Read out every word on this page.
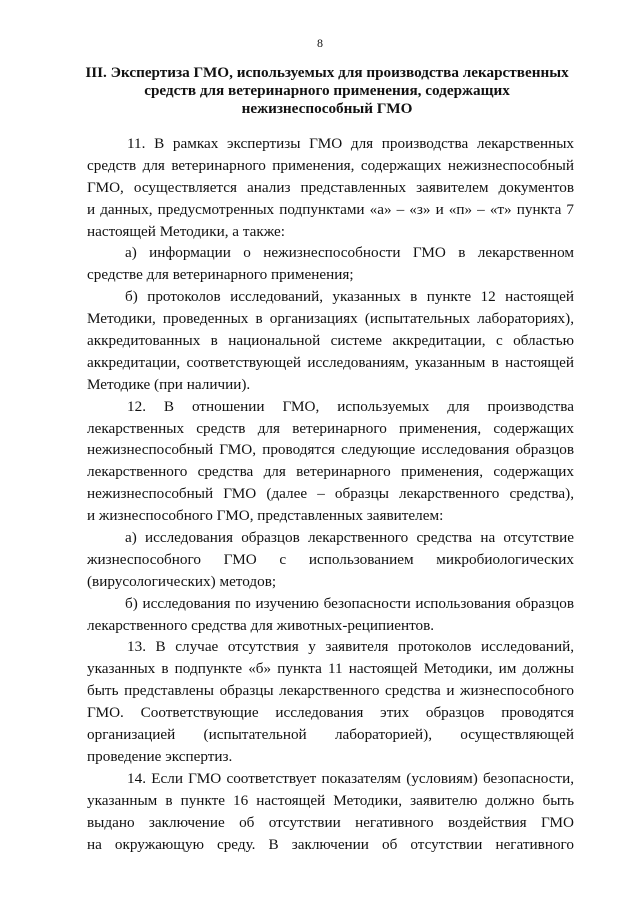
8
III. Экспертиза ГМО, используемых для производства лекарственных
средств для ветеринарного применения, содержащих
нежизнеспособный ГМО
11. В рамках экспертизы ГМО для производства лекарственных
средств для ветеринарного применения, содержащих нежизнеспособный
ГМО, осуществляется анализ представленных заявителем документов
и данных, предусмотренных подпунктами «а» – «з» и «п» – «т» пункта 7
настоящей Методики, а также:
а) информации о нежизнеспособности ГМО в лекарственном
средстве для ветеринарного применения;
б) протоколов исследований, указанных в пункте 12 настоящей
Методики, проведенных в организациях (испытательных лабораториях),
аккредитованных в национальной системе аккредитации, с областью
аккредитации, соответствующей исследованиям, указанным в настоящей
Методике (при наличии).
12. В отношении ГМО, используемых для производства
лекарственных средств для ветеринарного применения, содержащих
нежизнеспособный ГМО, проводятся следующие исследования образцов
лекарственного средства для ветеринарного применения, содержащих
нежизнеспособный ГМО (далее – образцы лекарственного средства),
и жизнеспособного ГМО, представленных заявителем:
а) исследования образцов лекарственного средства на отсутствие
жизнеспособного ГМО с использованием микробиологических
(вирусологических) методов;
б) исследования по изучению безопасности использования образцов
лекарственного средства для животных-реципиентов.
13. В случае отсутствия у заявителя протоколов исследований,
указанных в подпункте «б» пункта 11 настоящей Методики, им должны
быть представлены образцы лекарственного средства и жизнеспособного
ГМО. Соответствующие исследования этих образцов проводятся
организацией (испытательной лабораторией), осуществляющей
проведение экспертиз.
14. Если ГМО соответствует показателям (условиям) безопасности,
указанным в пункте 16 настоящей Методики, заявителю должно быть
выдано заключение об отсутствии негативного воздействия ГМО
на окружающую среду. В заключении об отсутствии негативного
